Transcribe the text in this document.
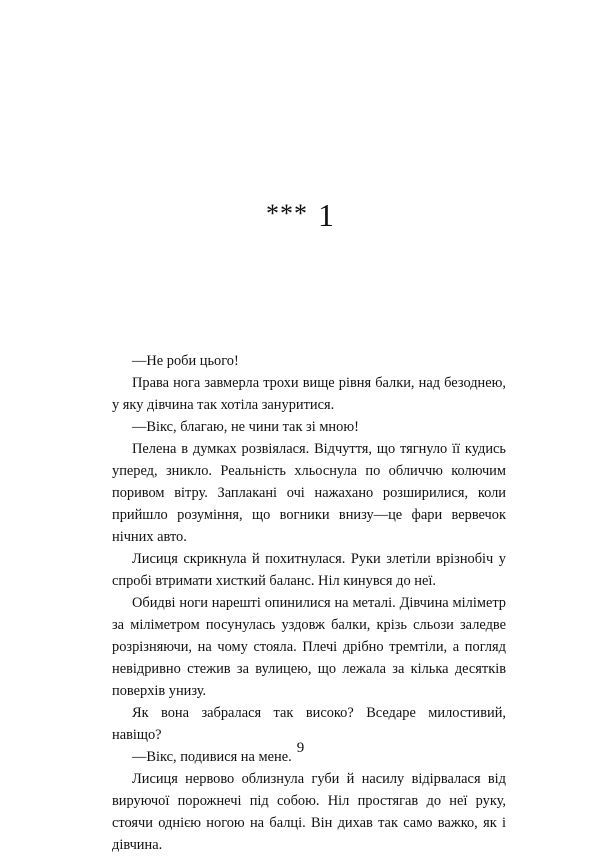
*** 1

—Не роби цього!

Права нога завмерла трохи вище рівня балки, над безоднею, у яку дівчина так хотіла зануритися.

—Вікс, благаю, не чини так зі мною!

Пелена в думках розвіялася. Відчуття, що тягнуло її кудись уперед, зникло. Реальність хльоснула по обличчю колючим поривом вітру. Заплакані очі нажахано розширилися, коли прийшло розуміння, що вогники внизу—це фари вервечок нічних авто.

Лисиця скрикнула й похитнулася. Руки злетіли врізнобіч у спробі втримати хисткий баланс. Ніл кинувся до неї.

Обидві ноги нарешті опинилися на металі. Дівчина міліметр за міліметром посунулась уздовж балки, крізь сльози заледве розрізняючи, на чому стояла. Плечі дрібно тремтіли, а погляд невідривно стежив за вулицею, що лежала за кілька десятків поверхів унизу.

Як вона забралася так високо? Вседаре милостивий, навіщо?

—Вікс, подивися на мене.

Лисиця нервово облизнула губи й насилу відірвалася від вируючої порожнечі під собою. Ніл простягав до неї руку, стоячи однією ногою на балці. Він дихав так само важко, як і дівчина.

9
